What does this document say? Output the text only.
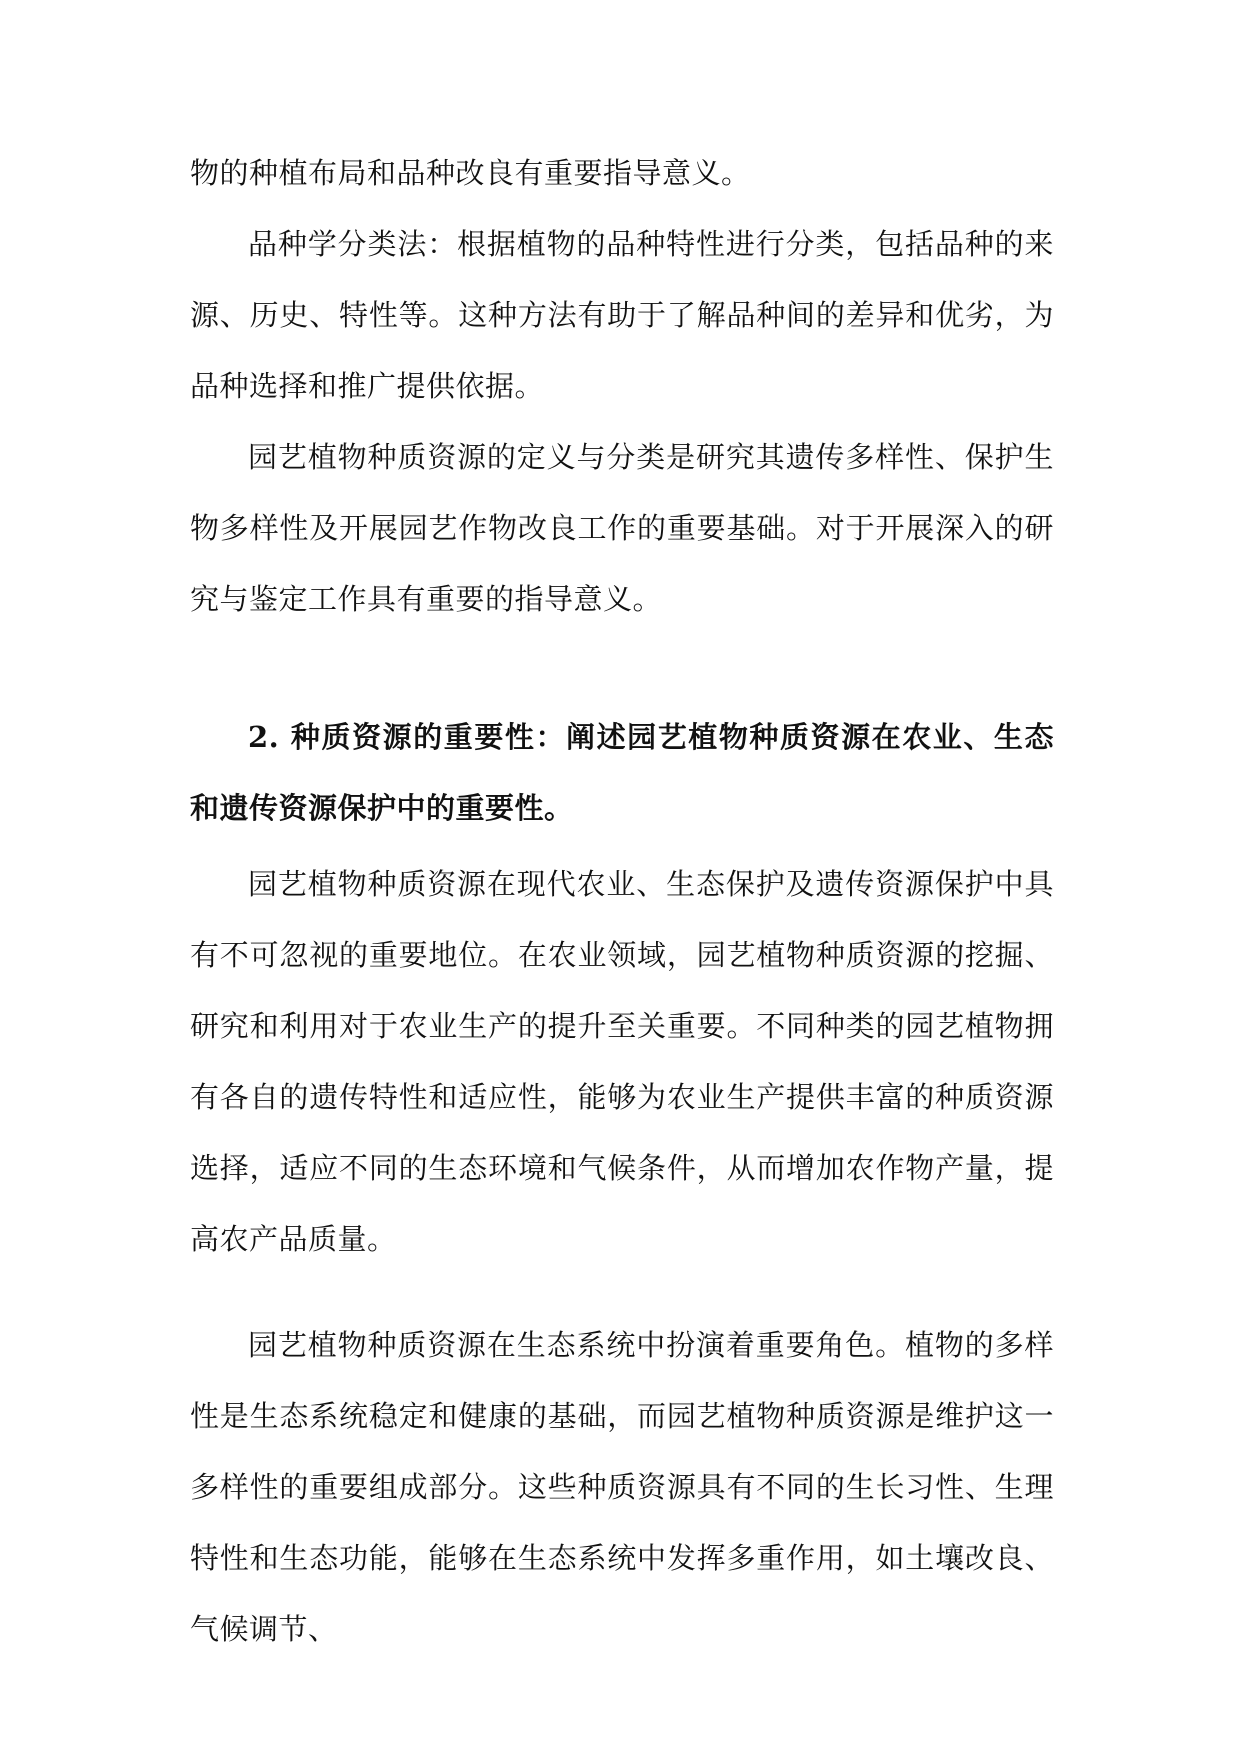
物的种植布局和品种改良有重要指导意义。

品种学分类法：根据植物的品种特性进行分类，包括品种的来源、历史、特性等。这种方法有助于了解品种间的差异和优劣，为品种选择和推广提供依据。

园艺植物种质资源的定义与分类是研究其遗传多样性、保护生物多样性及开展园艺作物改良工作的重要基础。对于开展深入的研究与鉴定工作具有重要的指导意义。

2. 种质资源的重要性：阐述园艺植物种质资源在农业、生态和遗传资源保护中的重要性。

园艺植物种质资源在现代农业、生态保护及遗传资源保护中具有不可忽视的重要地位。在农业领域，园艺植物种质资源的挖掘、研究和利用对于农业生产的提升至关重要。不同种类的园艺植物拥有各自的遗传特性和适应性，能够为农业生产提供丰富的种质资源选择，适应不同的生态环境和气候条件，从而增加农作物产量，提高农产品质量。

园艺植物种质资源在生态系统中扮演着重要角色。植物的多样性是生态系统稳定和健康的基础，而园艺植物种质资源是维护这一多样性的重要组成部分。这些种质资源具有不同的生长习性、生理特性和生态功能，能够在生态系统中发挥多重作用，如土壤改良、气候调节、
